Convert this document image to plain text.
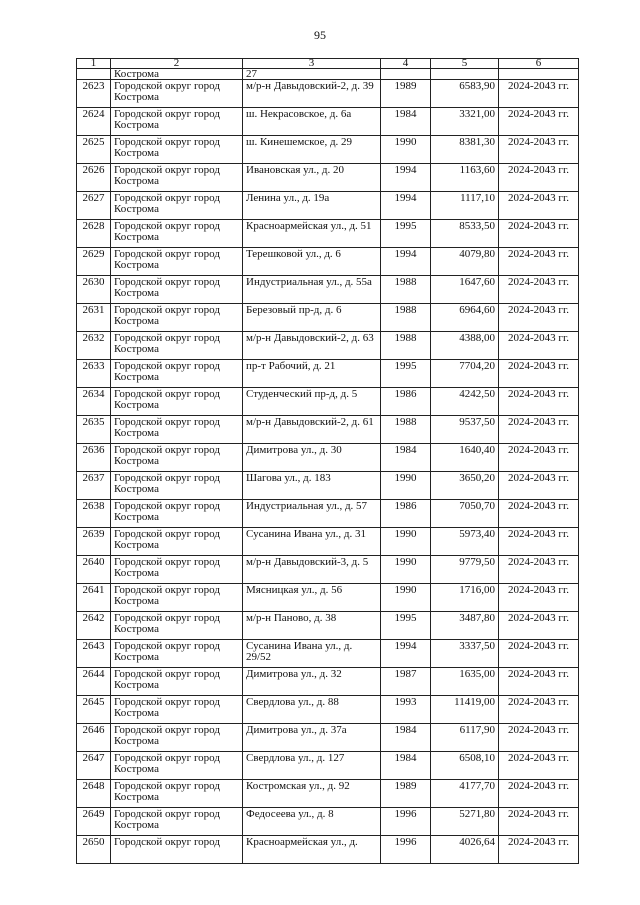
95
1	2	3	4	5	6
	Кострома	27			
2623	Городской округ город Кострома	м/р-н Давыдовский-2, д. 39	1989	6583,90	2024-2043 гг.
2624	Городской округ город Кострома	ш. Некрасовское, д. 6а	1984	3321,00	2024-2043 гг.
2625	Городской округ город Кострома	ш. Кинешемское, д. 29	1990	8381,30	2024-2043 гг.
2626	Городской округ город Кострома	Ивановская ул., д. 20	1994	1163,60	2024-2043 гг.
2627	Городской округ город Кострома	Ленина ул., д. 19а	1994	1117,10	2024-2043 гг.
2628	Городской округ город Кострома	Красноармейская ул., д. 51	1995	8533,50	2024-2043 гг.
2629	Городской округ город Кострома	Терешковой ул., д. 6	1994	4079,80	2024-2043 гг.
2630	Городской округ город Кострома	Индустриальная ул., д. 55а	1988	1647,60	2024-2043 гг.
2631	Городской округ город Кострома	Березовый пр-д, д. 6	1988	6964,60	2024-2043 гг.
2632	Городской округ город Кострома	м/р-н Давыдовский-2, д. 63	1988	4388,00	2024-2043 гг.
2633	Городской округ город Кострома	пр-т Рабочий, д. 21	1995	7704,20	2024-2043 гг.
2634	Городской округ город Кострома	Студенческий пр-д, д. 5	1986	4242,50	2024-2043 гг.
2635	Городской округ город Кострома	м/р-н Давыдовский-2, д. 61	1988	9537,50	2024-2043 гг.
2636	Городской округ город Кострома	Димитрова ул., д. 30	1984	1640,40	2024-2043 гг.
2637	Городской округ город Кострома	Шагова ул., д. 183	1990	3650,20	2024-2043 гг.
2638	Городской округ город Кострома	Индустриальная ул., д. 57	1986	7050,70	2024-2043 гг.
2639	Городской округ город Кострома	Сусанина Ивана ул., д. 31	1990	5973,40	2024-2043 гг.
2640	Городской округ город Кострома	м/р-н Давыдовский-3, д. 5	1990	9779,50	2024-2043 гг.
2641	Городской округ город Кострома	Мясницкая ул., д. 56	1990	1716,00	2024-2043 гг.
2642	Городской округ город Кострома	м/р-н Паново, д. 38	1995	3487,80	2024-2043 гг.
2643	Городской округ город Кострома	Сусанина Ивана ул., д. 29/52	1994	3337,50	2024-2043 гг.
2644	Городской округ город Кострома	Димитрова ул., д. 32	1987	1635,00	2024-2043 гг.
2645	Городской округ город Кострома	Свердлова ул., д. 88	1993	11419,00	2024-2043 гг.
2646	Городской округ город Кострома	Димитрова ул., д. 37а	1984	6117,90	2024-2043 гг.
2647	Городской округ город Кострома	Свердлова ул., д. 127	1984	6508,10	2024-2043 гг.
2648	Городской округ город Кострома	Костромская ул., д. 92	1989	4177,70	2024-2043 гг.
2649	Городской округ город Кострома	Федосеева ул., д. 8	1996	5271,80	2024-2043 гг.
2650	Городской округ город	Красноармейская ул., д.	1996	4026,64	2024-2043 гг.
